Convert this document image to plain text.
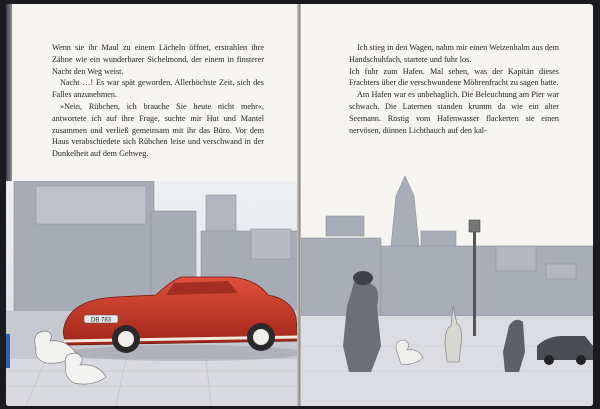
Wenn sie ihr Maul zu einem Lächeln öffnet, erstrahlen ihre Zähne wie ein wunderbarer Sichelmond, der einem in finsterer Nacht den Weg weist.

Nacht …! Es war spät geworden. Allerhöchste Zeit, sich des Falles anzunehmen.

»Nein, Rübchen, ich brauche Sie heute nicht mehr«, antwortete ich auf ihre Frage, suchte mir Hut und Mantel zusammen und verließ gemeinsam mit ihr das Büro. Vor dem Haus verabschiedete sich Rübchen leise und verschwand in der Dunkelheit auf dem Gehweg.

DB 783

Ich stieg in den Wagen, nahm mir einen Weizenhalm aus dem Handschuhfach, startete und fuhr los.

Ich fuhr zum Hafen. Mal sehen, was der Kapitän dieses Frachters über die verschwundene Möhrenfracht zu sagen hatte.

Am Hafen war es unbehaglich. Die Beleuchtung am Pier war schwach. Die Laternen standen krumm da wie ein alter Seemann. Rostig vom Hafenwasser flackerten sie einen nervösen, dünnen Lichthauch auf den kal-
